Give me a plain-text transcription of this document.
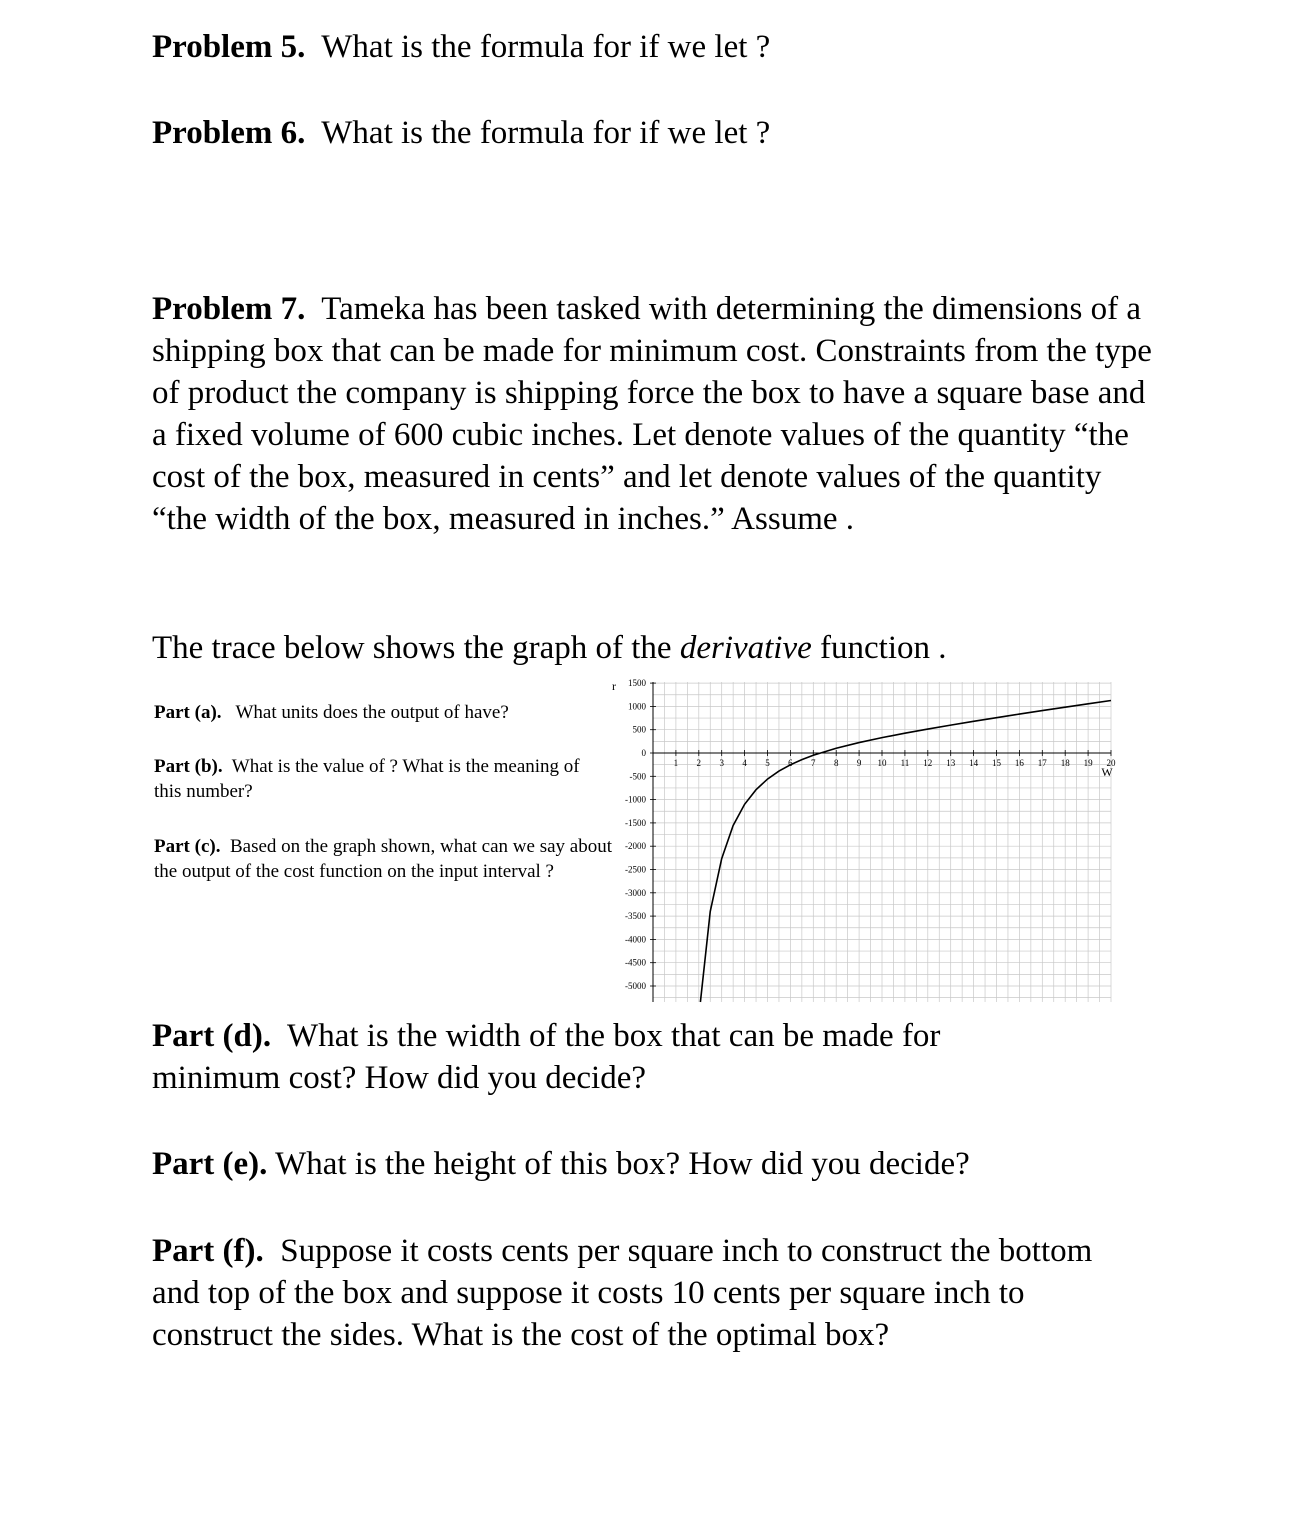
Problem 5. What is the formula for if we let ?

Problem 6. What is the formula for if we let ?

Problem 7. Tameka has been tasked with determining the dimensions of a shipping box that can be made for minimum cost. Constraints from the type of product the company is shipping force the box to have a square base and a fixed volume of 600 cubic inches. Let denote values of the quantity “the cost of the box, measured in cents” and let denote values of the quantity “the width of the box, measured in inches.” Assume .

The trace below shows the graph of the derivative function .

Part (a). What units does the output of have?

Part (b). What is the value of ? What is the meaning of this number?

Part (c). Based on the graph shown, what can we say about the output of the cost function on the input interval ?

1 2 3 4 5 6 7 8 9 10 11 12 13 14 15 16 17 18 19 20
1500
1000
500
0
-500
-1000
-1500
-2000
-2500
-3000
-3500
-4000
-4500
-5000
r
W

Part (d). What is the width of the box that can be made for minimum cost? How did you decide?

Part (e). What is the height of this box? How did you decide?

Part (f). Suppose it costs cents per square inch to construct the bottom and top of the box and suppose it costs 10 cents per square inch to construct the sides. What is the cost of the optimal box?
